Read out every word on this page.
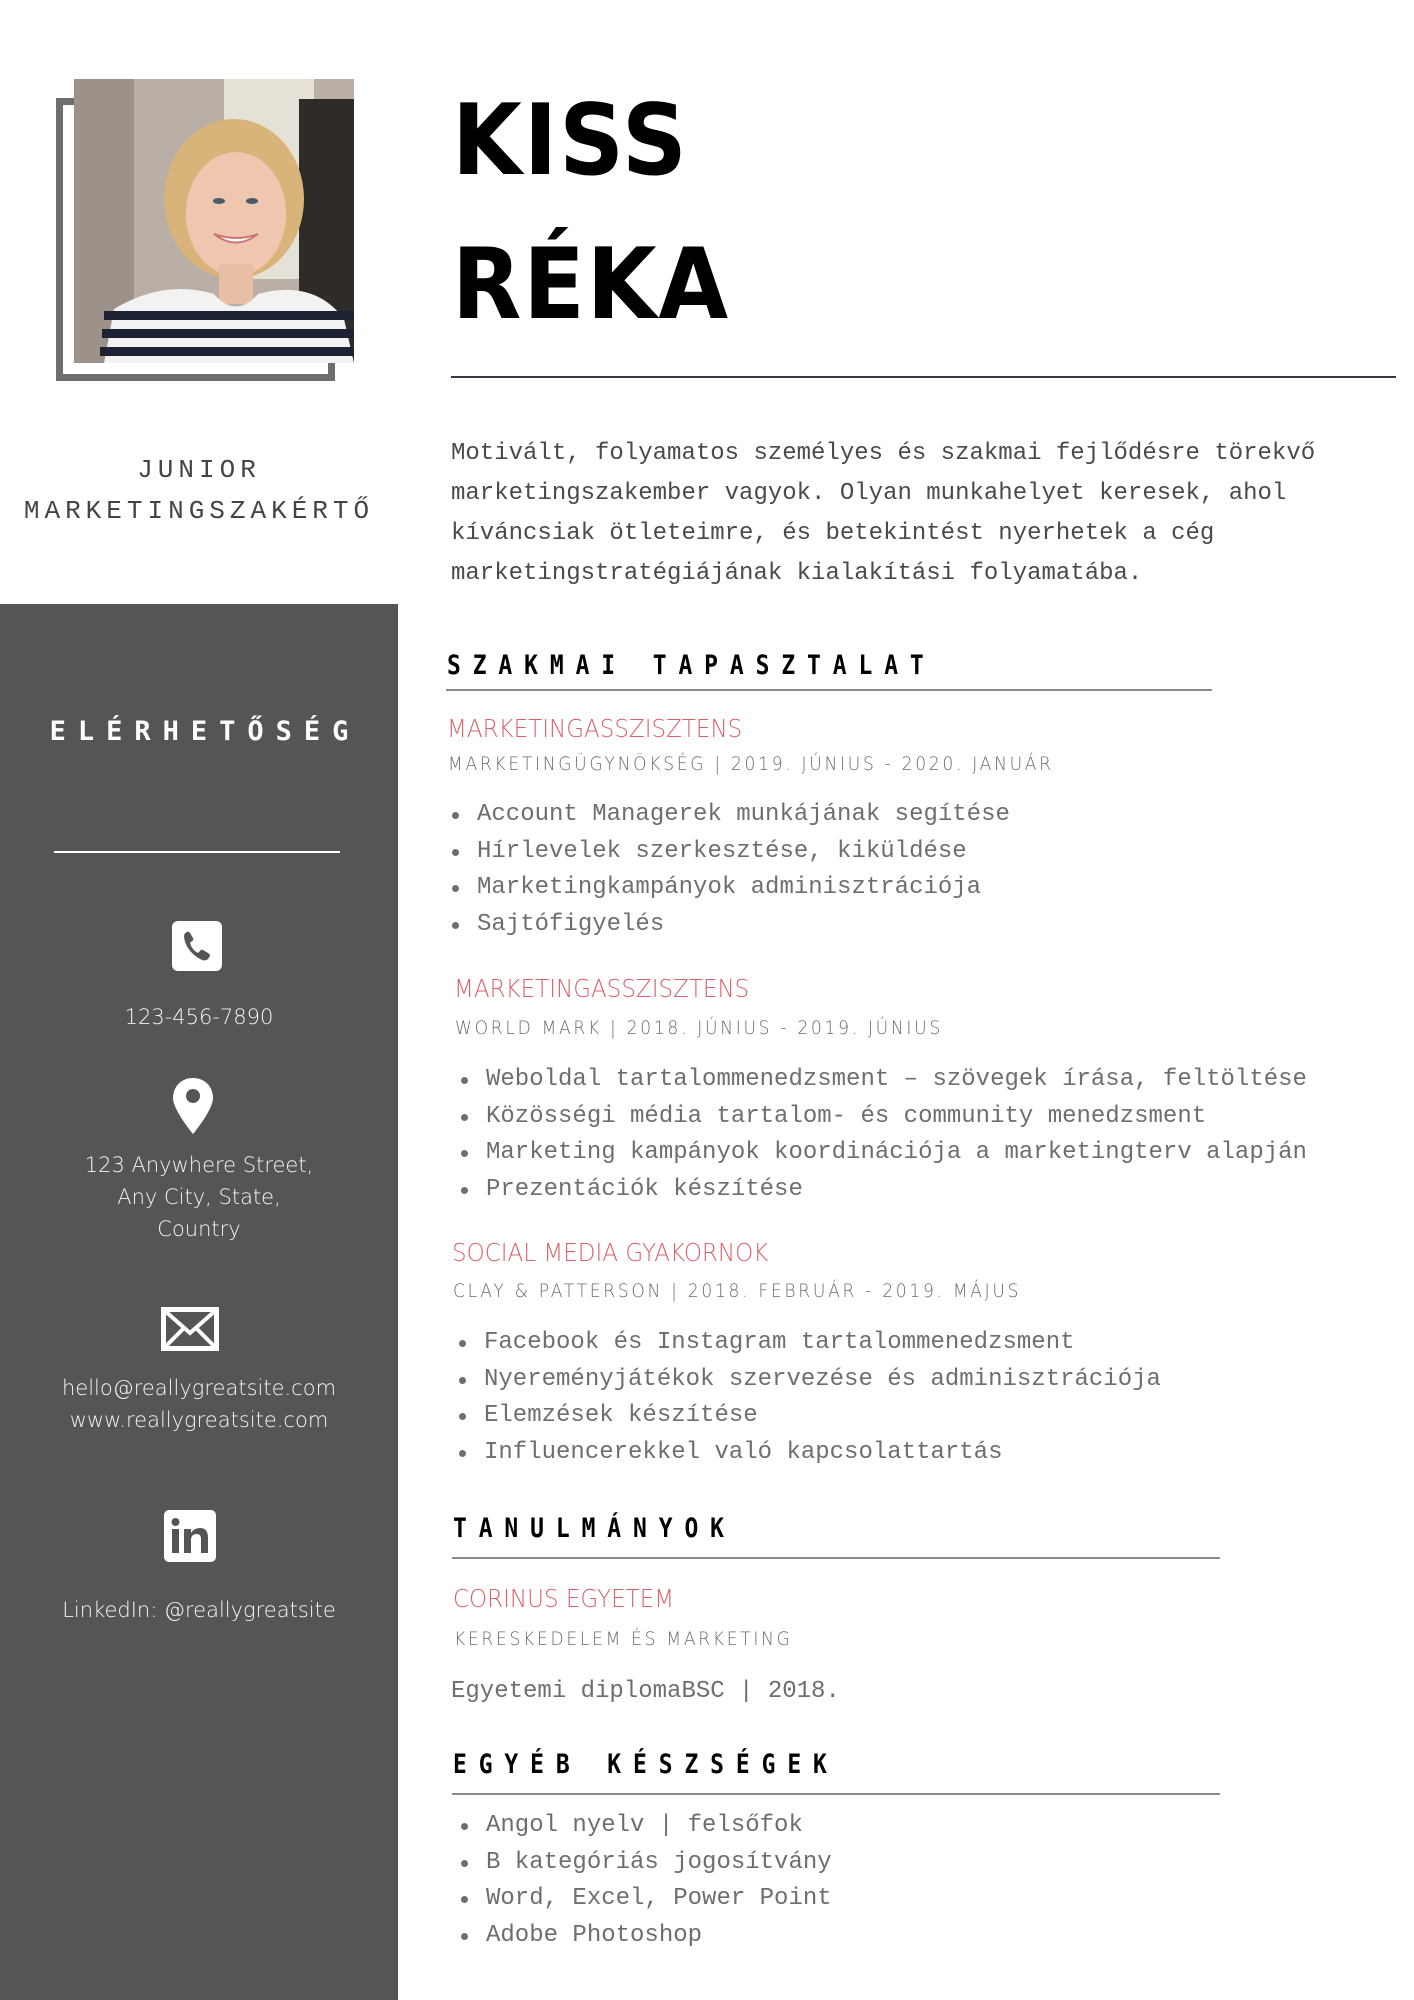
KISS
RÉKA
JUNIOR
MARKETINGSZAKÉRTŐ
Motivált, folyamatos személyes és szakmai fejlődésre törekvő
marketingszakember vagyok. Olyan munkahelyet keresek, ahol
kíváncsiak ötleteimre, és betekintést nyerhetek a cég
marketingstratégiájának kialakítási folyamatába.
ELÉRHETŐSÉG
123-456-7890
123 Anywhere Street,
Any City, State,
Country
hello@reallygreatsite.com
www.reallygreatsite.com
LinkedIn: @reallygreatsite
SZAKMAI TAPASZTALAT
MARKETINGASSZISZTENS
MARKETINGÜGYNÖKSÉG | 2019. JÚNIUS - 2020. JANUÁR
Account Managerek munkájának segítése
Hírlevelek szerkesztése, kiküldése
Marketingkampányok adminisztrációja
Sajtófigyelés
MARKETINGASSZISZTENS
WORLD MARK | 2018. JÚNIUS - 2019. JÚNIUS
Weboldal tartalommenedzsment – szövegek írása, feltöltése
Közösségi média tartalom- és community menedzsment
Marketing kampányok koordinációja a marketingterv alapján
Prezentációk készítése
SOCIAL MEDIA GYAKORNOK
CLAY & PATTERSON | 2018. FEBRUÁR - 2019. MÁJUS
Facebook és Instagram tartalommenedzsment
Nyereményjátékok szervezése és adminisztrációja
Elemzések készítése
Influencerekkel való kapcsolattartás
TANULMÁNYOK
CORINUS EGYETEM
KERESKEDELEM ÉS MARKETING
Egyetemi diplomaBSC | 2018.
EGYÉB KÉSZSÉGEK
Angol nyelv | felsőfok
B kategóriás jogosítvány
Word, Excel, Power Point
Adobe Photoshop
